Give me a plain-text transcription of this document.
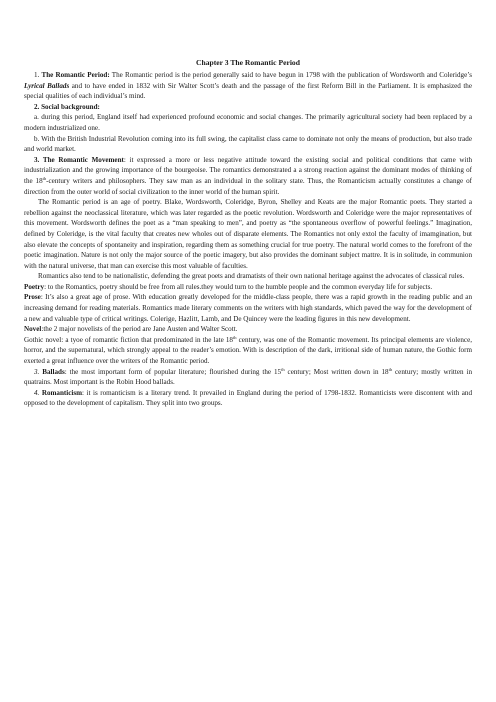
Chapter 3 The Romantic Period

1. The Romantic Period: The Romantic period is the period generally said to have begun in 1798 with the publication of Wordsworth and Coleridge’s Lyrical Ballads and to have ended in 1832 with Sir Walter Scott’s death and the passage of the first Reform Bill in the Parliament. It is emphasized the special qualities of each individual’s mind.

2. Social background:

a. during this period, England itself had experienced profound economic and social changes. The primarily agricultural society had been replaced by a modern industrialized one.

b. With the British Industrial Revolution coming into its full swing, the capitalist class came to dominate not only the means of production, but also trade and world market.

3. The Romantic Movement: it expressed a more or less negative attitude toward the existing social and political conditions that came with industrialization and the growing importance of the bourgeoise. The romantics demonstrated a a strong reaction against the dominant modes of thinking of the 18th-century writers and philosophers. They saw man as an individual in the solitary state. Thus, the Romanticism actually constitutes a change of direction from the outer world of social civilization to the inner world of the human spirit.

The Romantic period is an age of poetry. Blake, Wordsworth, Coleridge, Byron, Shelley and Keats are the major Romantic poets. They started a rebellion against the neoclassical literature, which was later regarded as the poetic revolution. Wordsworth and Coleridge were the major representatives of this movement. Wordsworth defines the poet as a “man speaking to men”, and poetry as “the spontaneous overflow of powerful feelings.” Imagination, defined by Coleridge, is the vital faculty that creates new wholes out of disparate elements. The Romantics not only extol the faculty of imamgination, but also elevate the concepts of spontaneity and inspiration, regarding them as something crucial for true poetry. The natural world comes to the forefront of the poetic imagination. Nature is not only the major source of the poetic imagery, but also provides the dominant subject mattre. It is in solitude, in communion with the natural universe, that man can exercise this most valuable of faculties.

Romantics also tend to be nationalistic, defending the great poets and dramatists of their own national heritage against the advocates of classical rules.

Poetry: to the Romantics, poetry should be free from all rules.they would turn to the humble people and the common everyday life for subjects.

Prose: It’s also a great age of prose. With education greatly developed for the middle-class people, there was a rapid growth in the reading public and an increasing demand for reading materials. Romantics made literary comments on the writers with high standards, which paved the way for the development of a new and valuable type of critical writings. Colerige, Hazlitt, Lamb, and De Quincey were the leading figures in this new development.

Novel:the 2 major novelists of the period are Jane Austen and Walter Scott.

Gothic novel: a tyoe of romantic fiction that predominated in the late 18th century, was one of the Romantic movement. Its principal elements are violence, horror, and the supernatural, which strongly appeal to the reader’s emotion. With is description of the dark, irritional side of human nature, the Gothic form exerted a great influence over the writers of the Romantic period.

3. Ballads: the most important form of popular literature; flourished during the 15th century; Most written down in 18th century; mostly written in quatrains. Most important is the Robin Hood ballads.

4. Romanticism: it is romanticism is a literary trend. It prevailed in England during the period of 1798-1832. Romanticists were discontent with and opposed to the development of capitalism. They split into two groups.
